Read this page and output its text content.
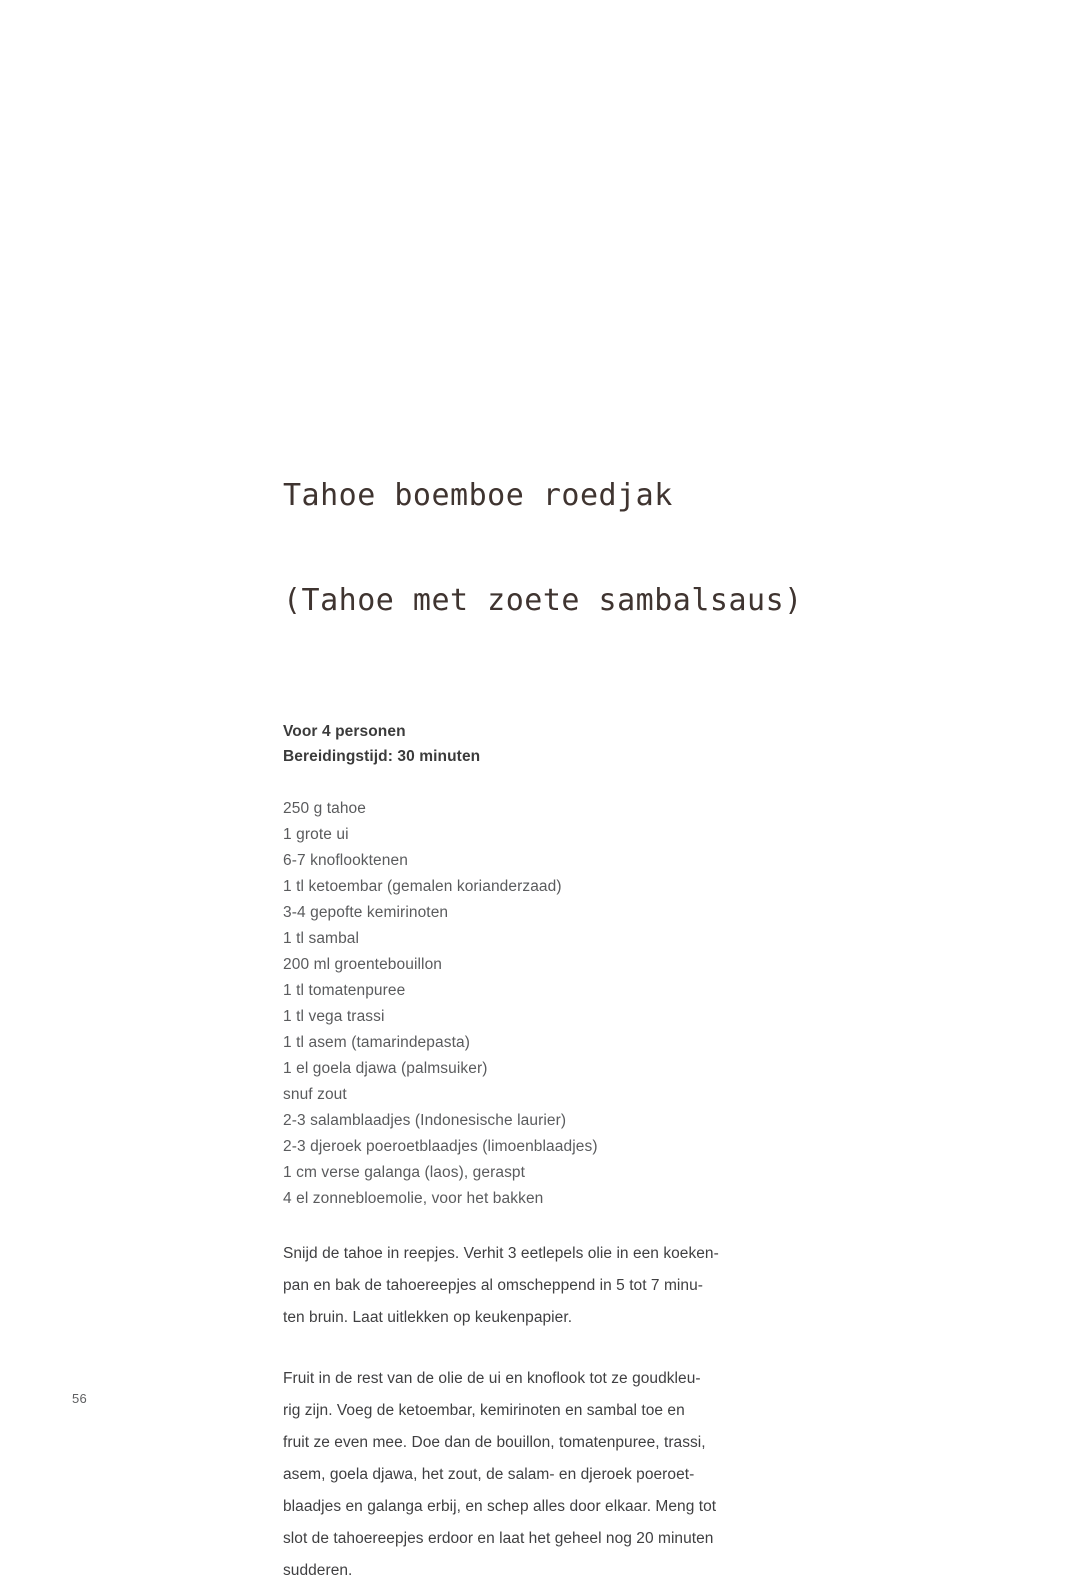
Tahoe boemboe roedjak

(Tahoe met zoete sambalsaus)

Voor 4 personen
Bereidingstijd: 30 minuten
250 g tahoe
1 grote ui
6-7 knoflooktenen
1 tl ketoembar (gemalen korianderzaad)
3-4 gepofte kemirinoten
1 tl sambal
200 ml groentebouillon
1 tl tomatenpuree
1 tl vega trassi
1 tl asem (tamarindepasta)
1 el goela djawa (palmsuiker)
snuf zout
2-3 salamblaadjes (Indonesische laurier)
2-3 djeroek poeroetblaadjes (limoenblaadjes)
1 cm verse galanga (laos), geraspt
4 el zonnebloemolie, voor het bakken

Snijd de tahoe in reepjes. Verhit 3 eetlepels olie in een koeken-
pan en bak de tahoereepjes al omscheppend in 5 tot 7 minu-
ten bruin. Laat uitlekken op keukenpapier.

Fruit in de rest van de olie de ui en knoflook tot ze goudkleu-
rig zijn. Voeg de ketoembar, kemirinoten en sambal toe en
fruit ze even mee. Doe dan de bouillon, tomatenpuree, trassi,
asem, goela djawa, het zout, de salam- en djeroek poeroet-
blaadjes en galanga erbij, en schep alles door elkaar. Meng tot
slot de tahoereepjes erdoor en laat het geheel nog 20 minuten
sudderen.

56
